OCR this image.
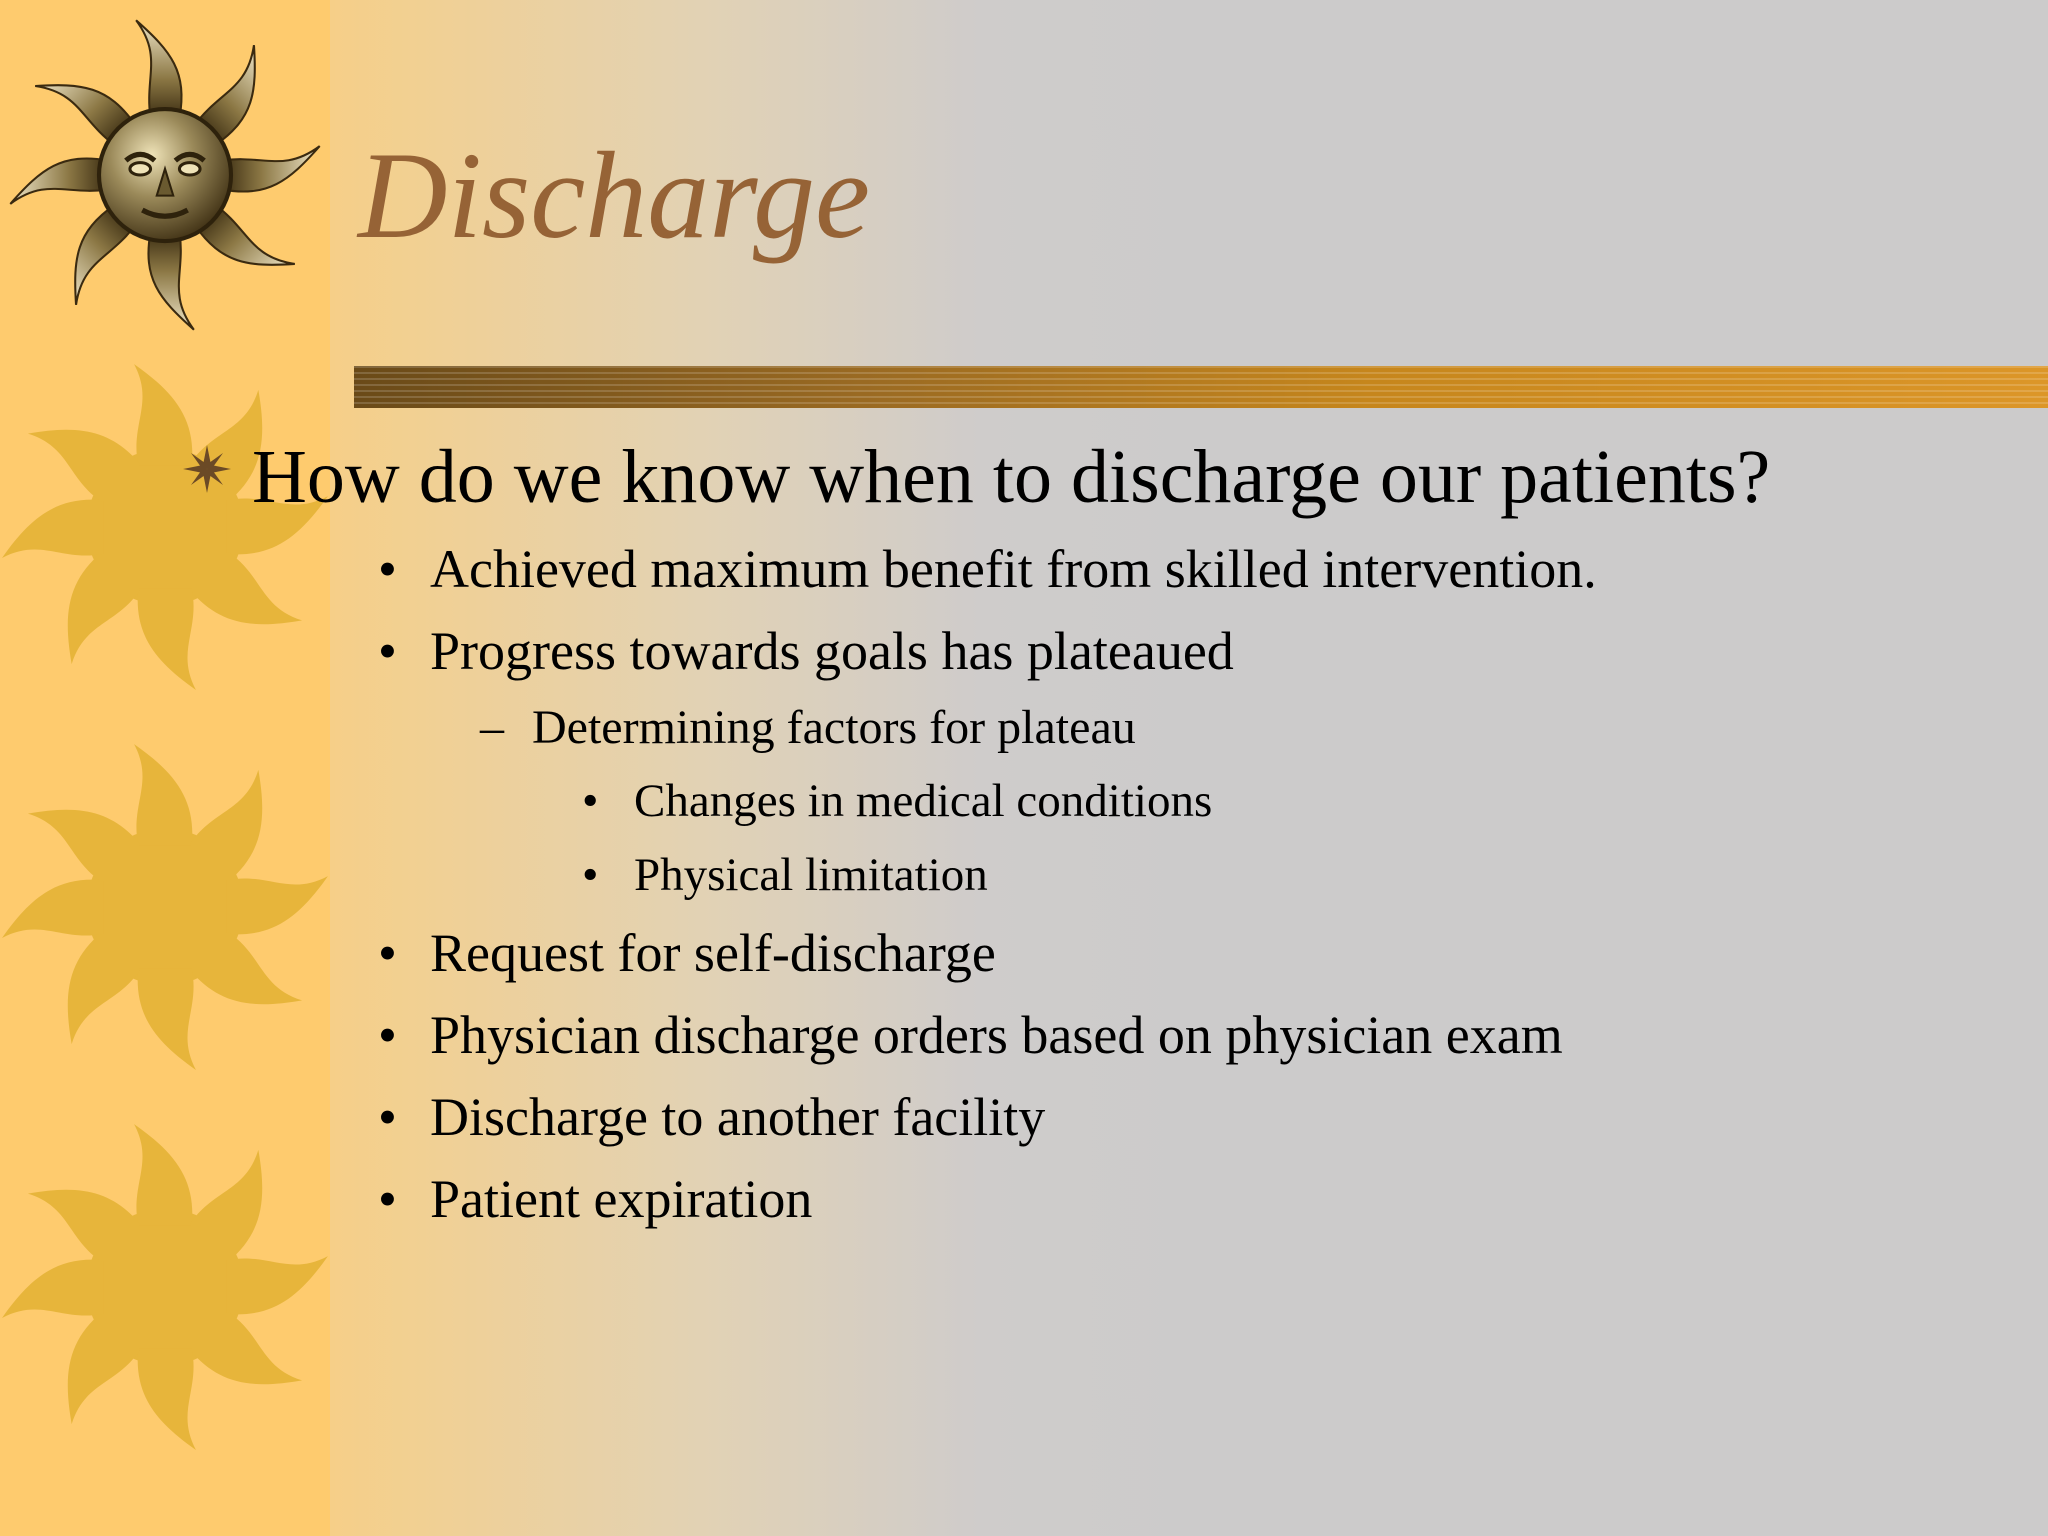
Discharge
How do we know when to discharge our patients?
• Achieved maximum benefit from skilled intervention.
• Progress towards goals has plateaued
– Determining factors for plateau
• Changes in medical conditions
• Physical limitation
• Request for self-discharge
• Physician discharge orders based on physician exam
• Discharge to another facility
• Patient expiration
